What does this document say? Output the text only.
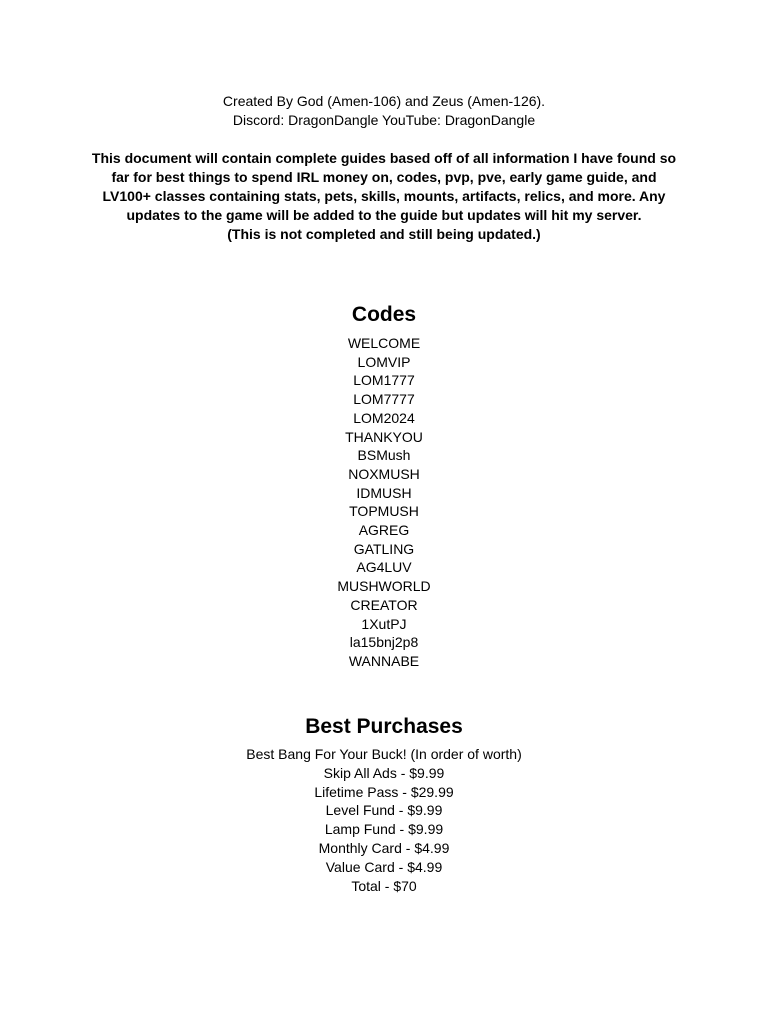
Created By God (Amen-106) and Zeus (Amen-126).
Discord: DragonDangle YouTube: DragonDangle
This document will contain complete guides based off of all information I have found so
far for best things to spend IRL money on, codes, pvp, pve, early game guide, and
LV100+ classes containing stats, pets, skills, mounts, artifacts, relics, and more. Any
updates to the game will be added to the guide but updates will hit my server.
(This is not completed and still being updated.)
Codes
WELCOME
LOMVIP
LOM1777
LOM7777
LOM2024
THANKYOU
BSMush
NOXMUSH
IDMUSH
TOPMUSH
AGREG
GATLING
AG4LUV
MUSHWORLD
CREATOR
1XutPJ
la15bnj2p8
WANNABE
Best Purchases
Best Bang For Your Buck! (In order of worth)
Skip All Ads - $9.99
Lifetime Pass - $29.99
Level Fund - $9.99
Lamp Fund - $9.99
Monthly Card - $4.99
Value Card - $4.99
Total - $70
